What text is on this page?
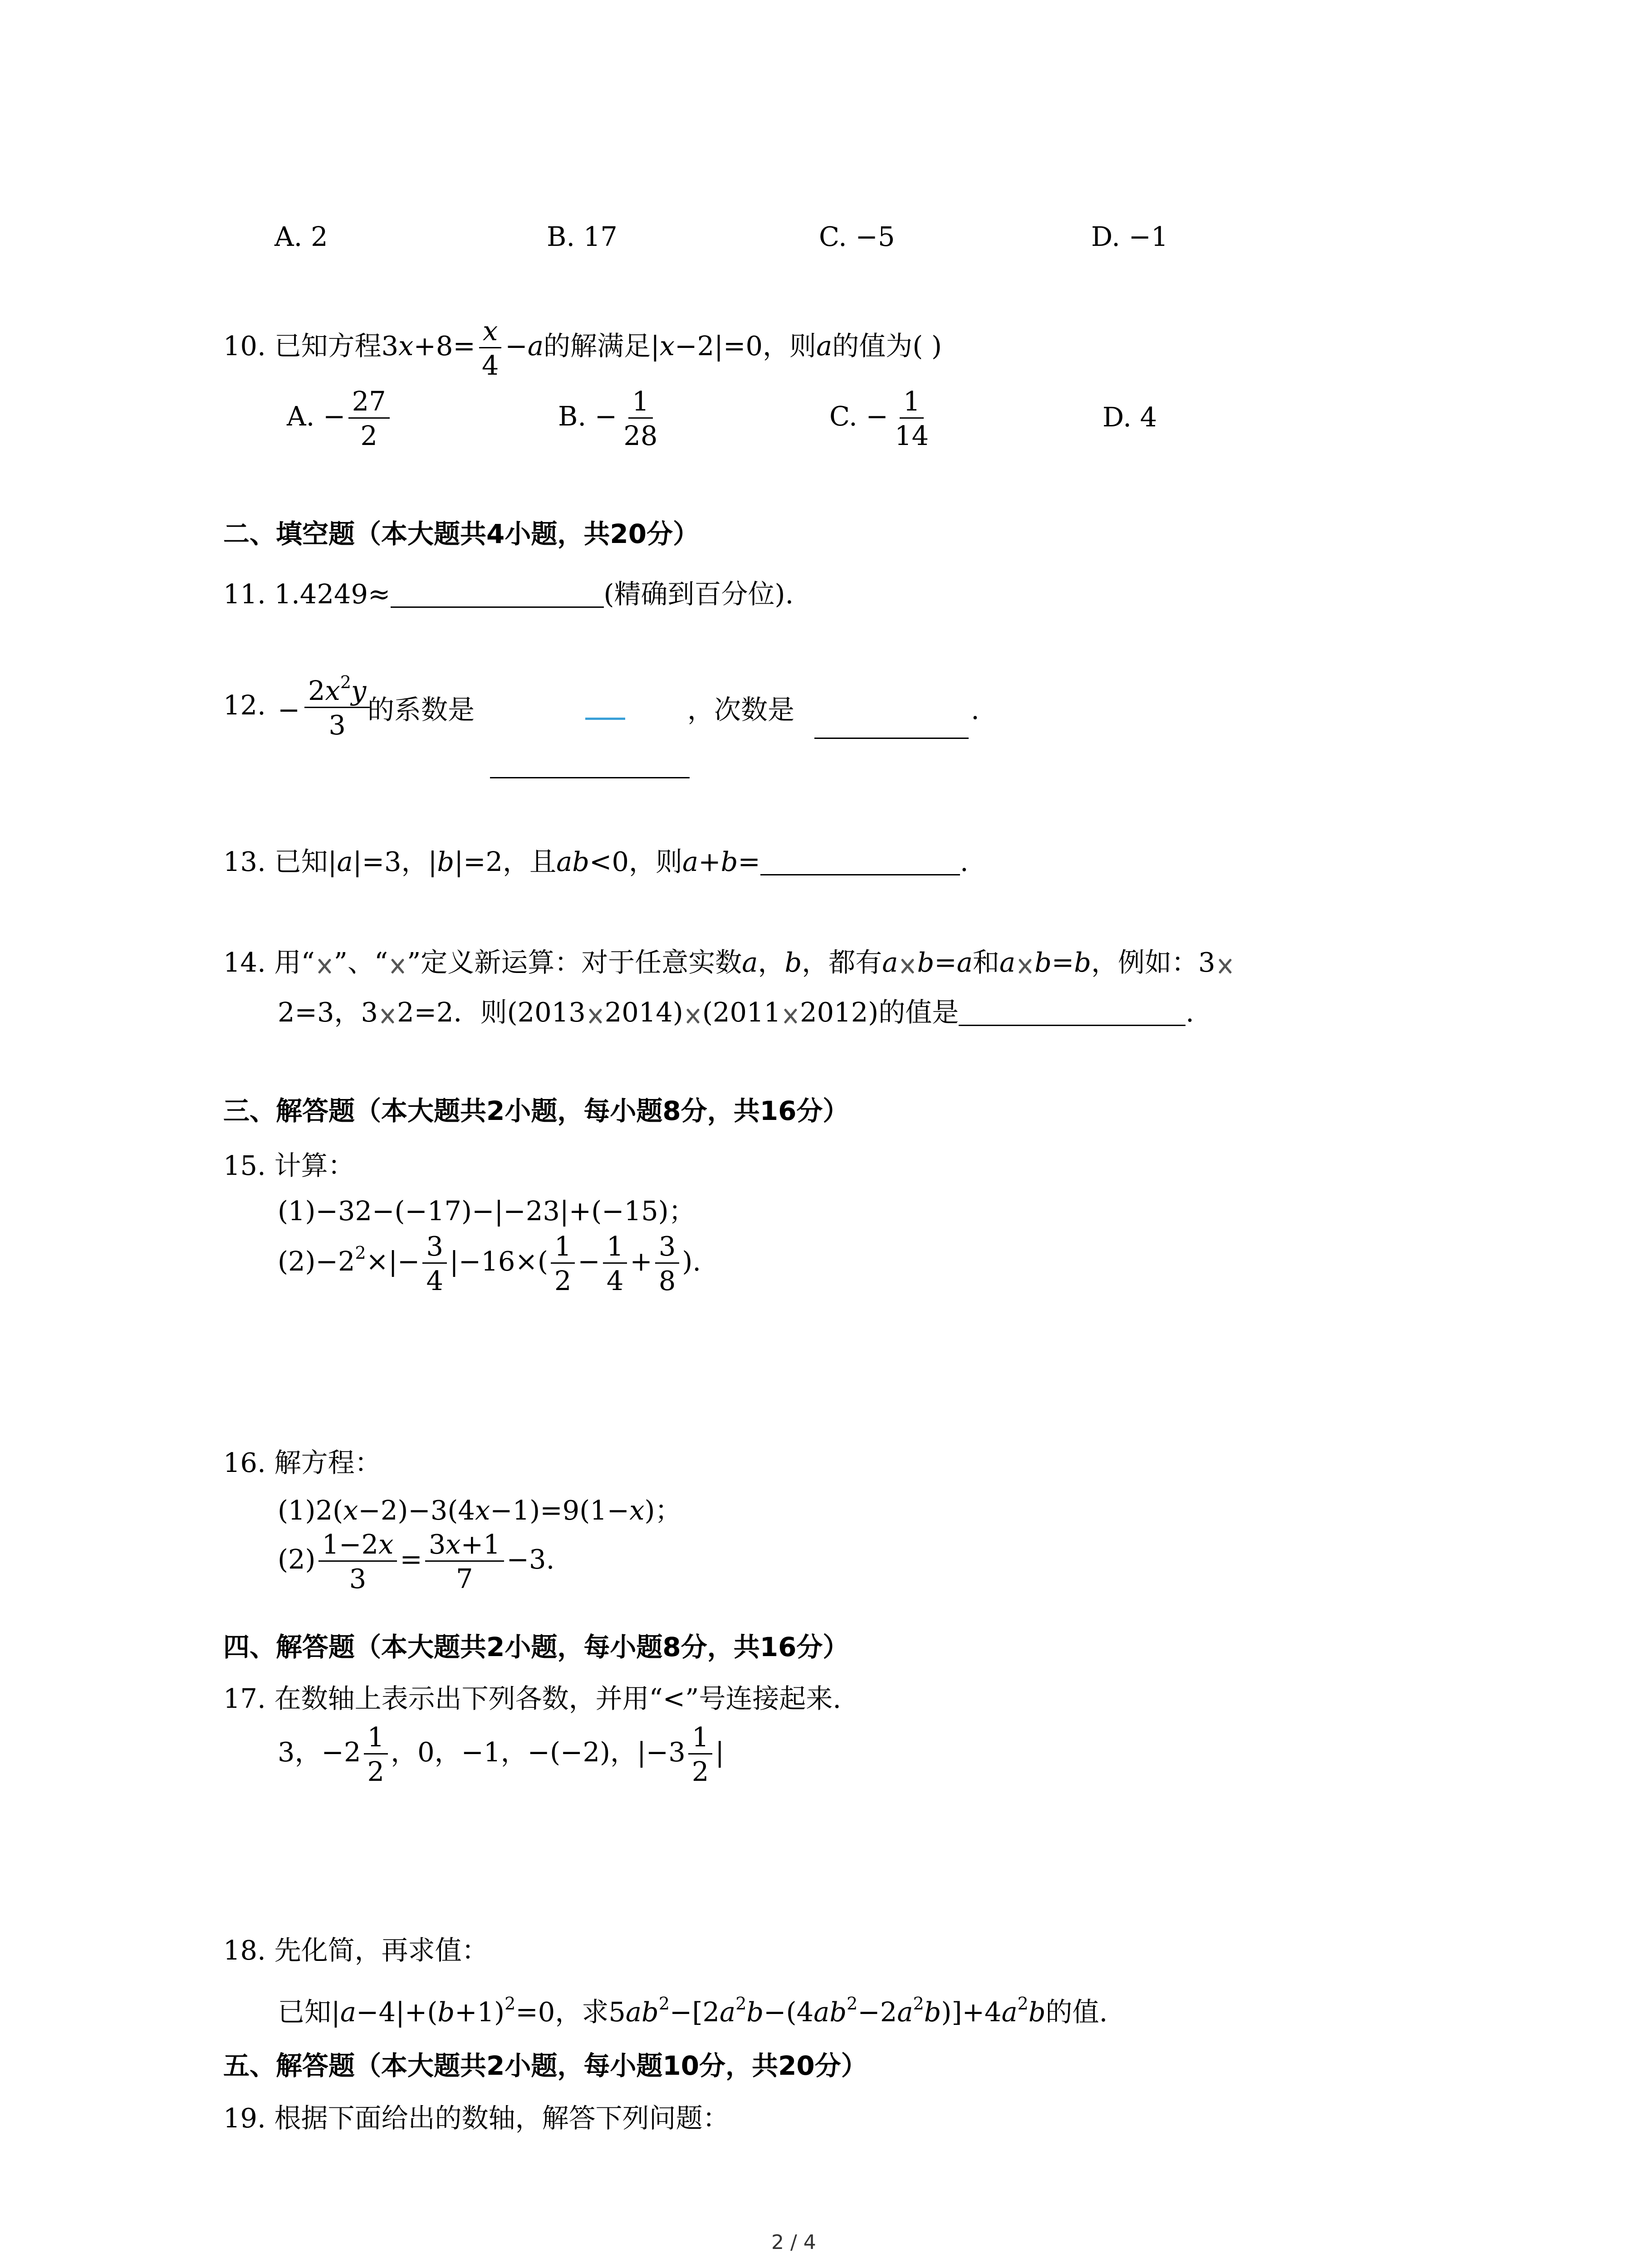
A. 2	B. 17	C. −5	D. −1
10. 已知方程$3x+8= \frac{x}{4} -a$的解满足|x−2|=0，则a的值为( )
A. − $\frac{27}{2}$	B. − $\frac{1}{28}$	C. − $\frac{1}{14}$	D. 4
二、填空题（本大题共4小题，共20分）
11. 1.4249≈	(精确到百分位).
12. − $\frac{2x^2y}{3}$
的系数是	，次数是	.
13. 已知|a|=3，|b|=2，且ab<0，则a+b=	.
14. 用“ ”、“ ”定义新运算：对于任意实数a，b，都有a b=a和a b=b，例如：3
2=3，3 2=2．则(2013 2014) (2011 2012)的值是	.
三、解答题（本大题共2小题，每小题8分，共16分）
15. 计算：
(1)−32−(−17)−|−23|+(−15)；
$(2)-2^2\times|- \frac{3}{4} |-16\times( \frac{1}{2} - \frac{1}{4} + \frac{3}{8}$ ).
16. 解方程：
(1)2(x−2)−3(4x−1)=9(1−x)；
$(2) \frac{1-2x}{3} = \frac{3x+1}{7} -3$.
四、解答题（本大题共2小题，每小题8分，共16分）
17. 在数轴上表示出下列各数，并用“<”号连接起来.
3，$-2 \frac{1}{2}$ ，0，−1，−(−2)，$|-3 \frac{1}{2}$ |
18. 先化简，再求值：
已知$|a-4|+(b+1)^2=0$，求$5ab^2-[2a^2b-(4ab^2-2a^2b)]+4a^2b$的值.
五、解答题（本大题共2小题，每小题10分，共20分）
19. 根据下面给出的数轴，解答下列问题：
2 / 4
